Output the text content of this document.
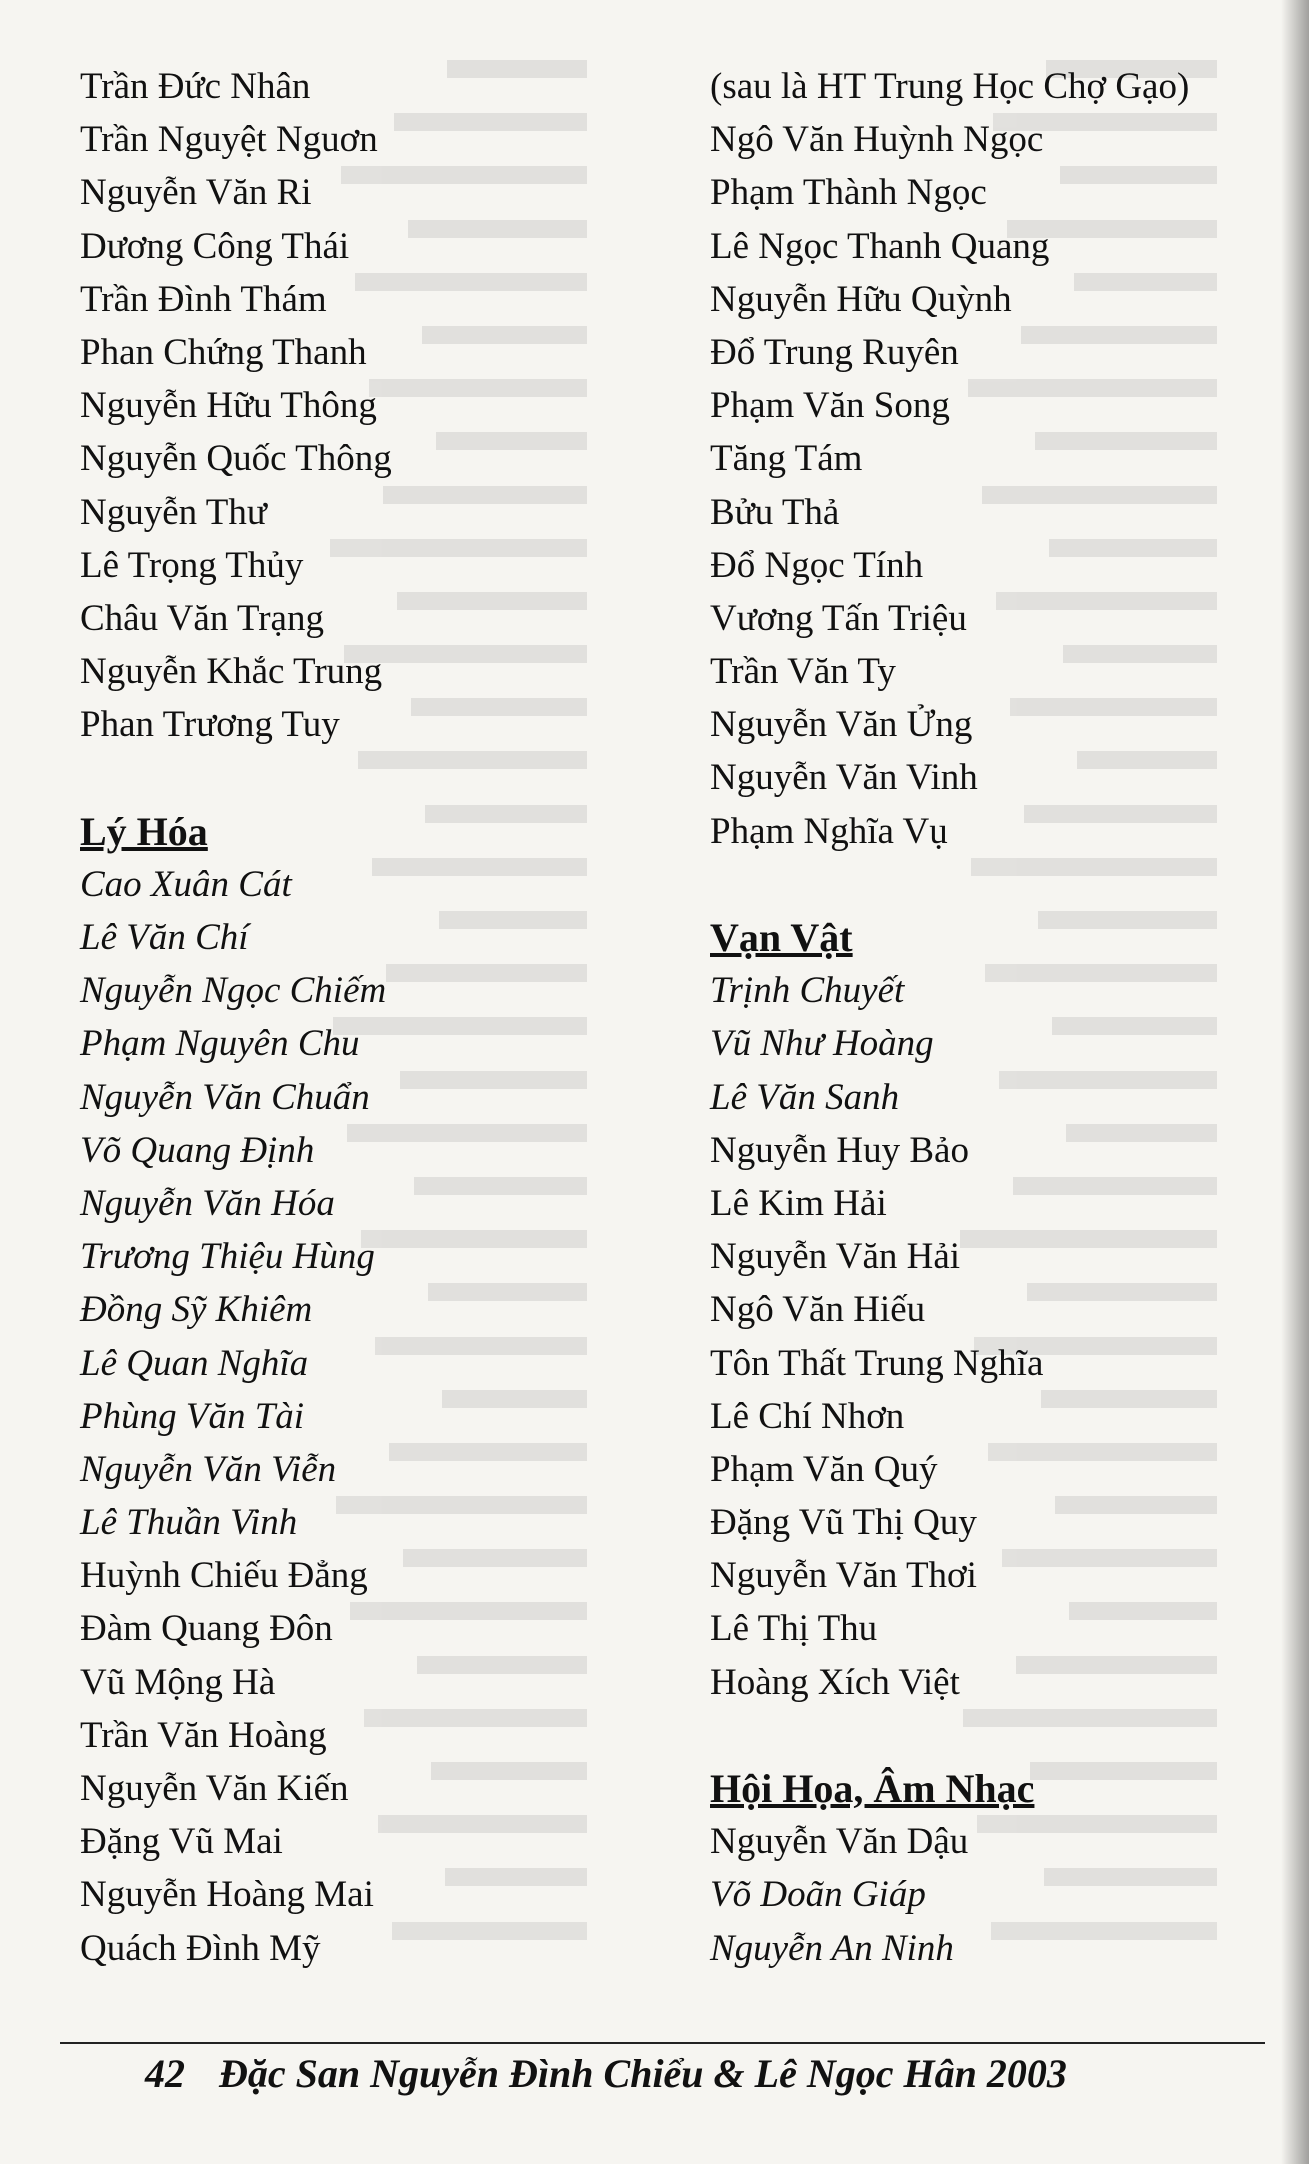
Trần Đức Nhân
Trần Nguyệt Nguơn
Nguyễn Văn Ri
Dương Công Thái
Trần Đình Thám
Phan Chứng Thanh
Nguyễn Hữu Thông
Nguyễn Quốc Thông
Nguyễn Thư
Lê Trọng Thủy
Châu Văn Trạng
Nguyễn Khắc Trung
Phan Trương Tuy
Lý Hóa
Cao Xuân Cát
Lê Văn Chí
Nguyễn Ngọc Chiếm
Phạm Nguyên Chu
Nguyễn Văn Chuẩn
Võ Quang Định
Nguyễn Văn Hóa
Trương Thiệu Hùng
Đồng Sỹ Khiêm
Lê Quan Nghĩa
Phùng Văn Tài
Nguyễn Văn Viễn
Lê Thuần Vinh
Huỳnh Chiếu Đẳng
Đàm Quang Đôn
Vũ Mộng Hà
Trần Văn Hoàng
Nguyễn Văn Kiến
Đặng Vũ Mai
Nguyễn Hoàng Mai
Quách Đình Mỹ
(sau là HT Trung Học Chợ Gạo)
Ngô Văn Huỳnh Ngọc
Phạm Thành Ngọc
Lê Ngọc Thanh Quang
Nguyễn Hữu Quỳnh
Đổ Trung Ruyên
Phạm Văn Song
Tăng Tám
Bửu Thả
Đổ Ngọc Tính
Vương Tấn Triệu
Trần Văn Ty
Nguyễn Văn Ửng
Nguyễn Văn Vinh
Phạm Nghĩa Vụ
Vạn Vật
Trịnh Chuyết
Vũ Như Hoàng
Lê Văn Sanh
Nguyễn Huy Bảo
Lê Kim Hải
Nguyễn Văn Hải
Ngô Văn Hiếu
Tôn Thất Trung Nghĩa
Lê Chí Nhơn
Phạm Văn Quý
Đặng Vũ Thị Quy
Nguyễn Văn Thơi
Lê Thị Thu
Hoàng Xích Việt
Hội Họa, Âm Nhạc
Nguyễn Văn Dậu
Võ Doãn Giáp
Nguyễn An Ninh
42 Đặc San Nguyễn Đình Chiểu & Lê Ngọc Hân 2003
